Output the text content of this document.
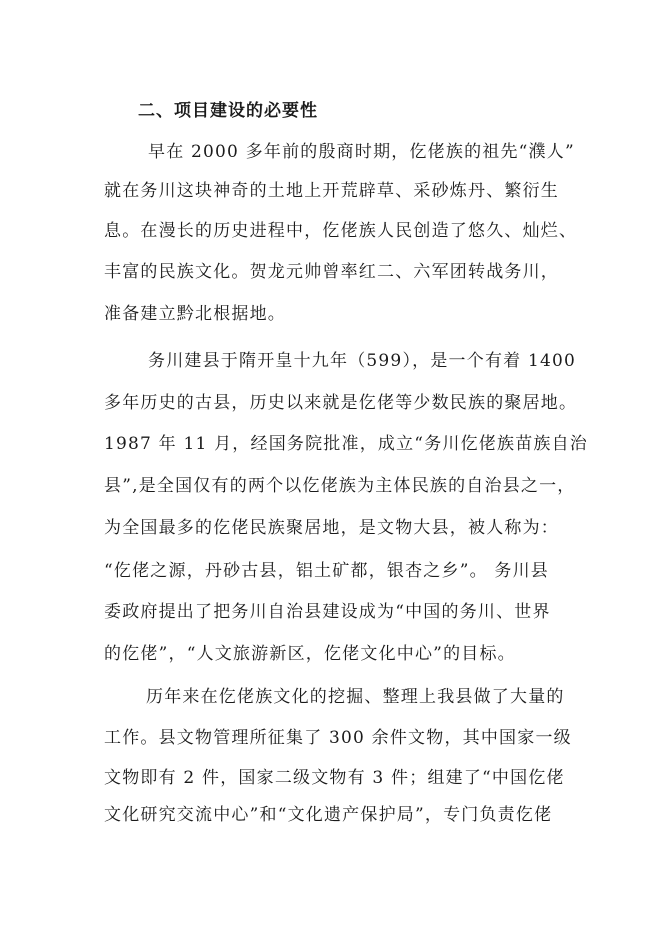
二、项目建设的必要性
早在 2000 多年前的殷商时期，仡佬族的祖先“濮人”
就在务川这块神奇的土地上开荒辟草、采砂炼丹、繁衍生
息。在漫长的历史进程中，仡佬族人民创造了悠久、灿烂、
丰富的民族文化。贺龙元帅曾率红二、六军团转战务川，
准备建立黔北根据地。
务川建县于隋开皇十九年（599），是一个有着 1400
多年历史的古县，历史以来就是仡佬等少数民族的聚居地。
1987 年 11 月，经国务院批准，成立“务川仡佬族苗族自治
县”,是全国仅有的两个以仡佬族为主体民族的自治县之一，
为全国最多的仡佬民族聚居地，是文物大县，被人称为：
“仡佬之源，丹砂古县，铝土矿都，银杏之乡”。 务川县
委政府提出了把务川自治县建设成为“中国的务川、世界
的仡佬”，“人文旅游新区，仡佬文化中心”的目标。
历年来在仡佬族文化的挖掘、整理上我县做了大量的
工作。县文物管理所征集了 300 余件文物，其中国家一级
文物即有 2 件，国家二级文物有 3 件；组建了“中国仡佬
文化研究交流中心”和“文化遗产保护局”，专门负责仡佬
